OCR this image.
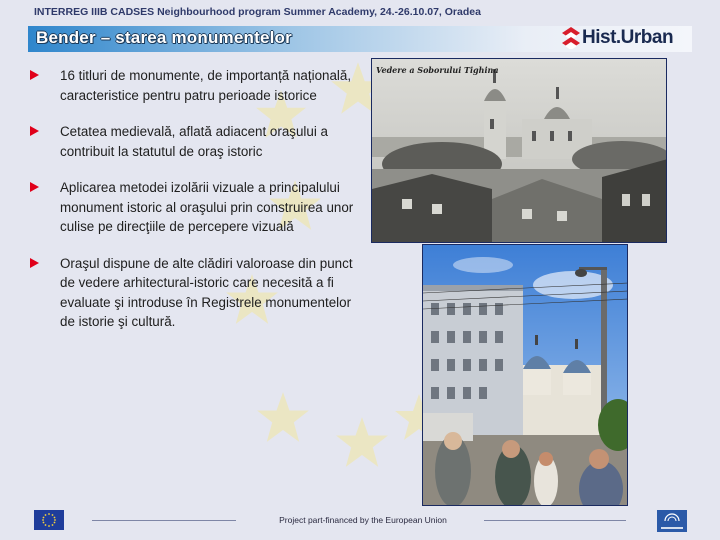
INTERREG IIIB CADSES Neighbourhood program Summer Academy, 24.-26.10.07, Oradea
Bender – starea monumentelor	Hist.Urban
16 titluri de monumente, de importanță națională, caracteristice pentru patru perioade istorice
Cetatea medievală, aflată adiacent oraşului a contribuit la statutul de oraş istoric
Aplicarea metodei izolării vizuale a principalului monument istoric al oraşului prin construirea unor culise pe direcţiile de percepere vizuală
Oraşul dispune de alte clădiri valoroase din punct de vedere arhitectural-istoric care necesită a fi evaluate şi introduse în Registrele monumentelor de istorie şi cultură.
Vedere a Soborului Tighina
Project part-financed by the European Union
